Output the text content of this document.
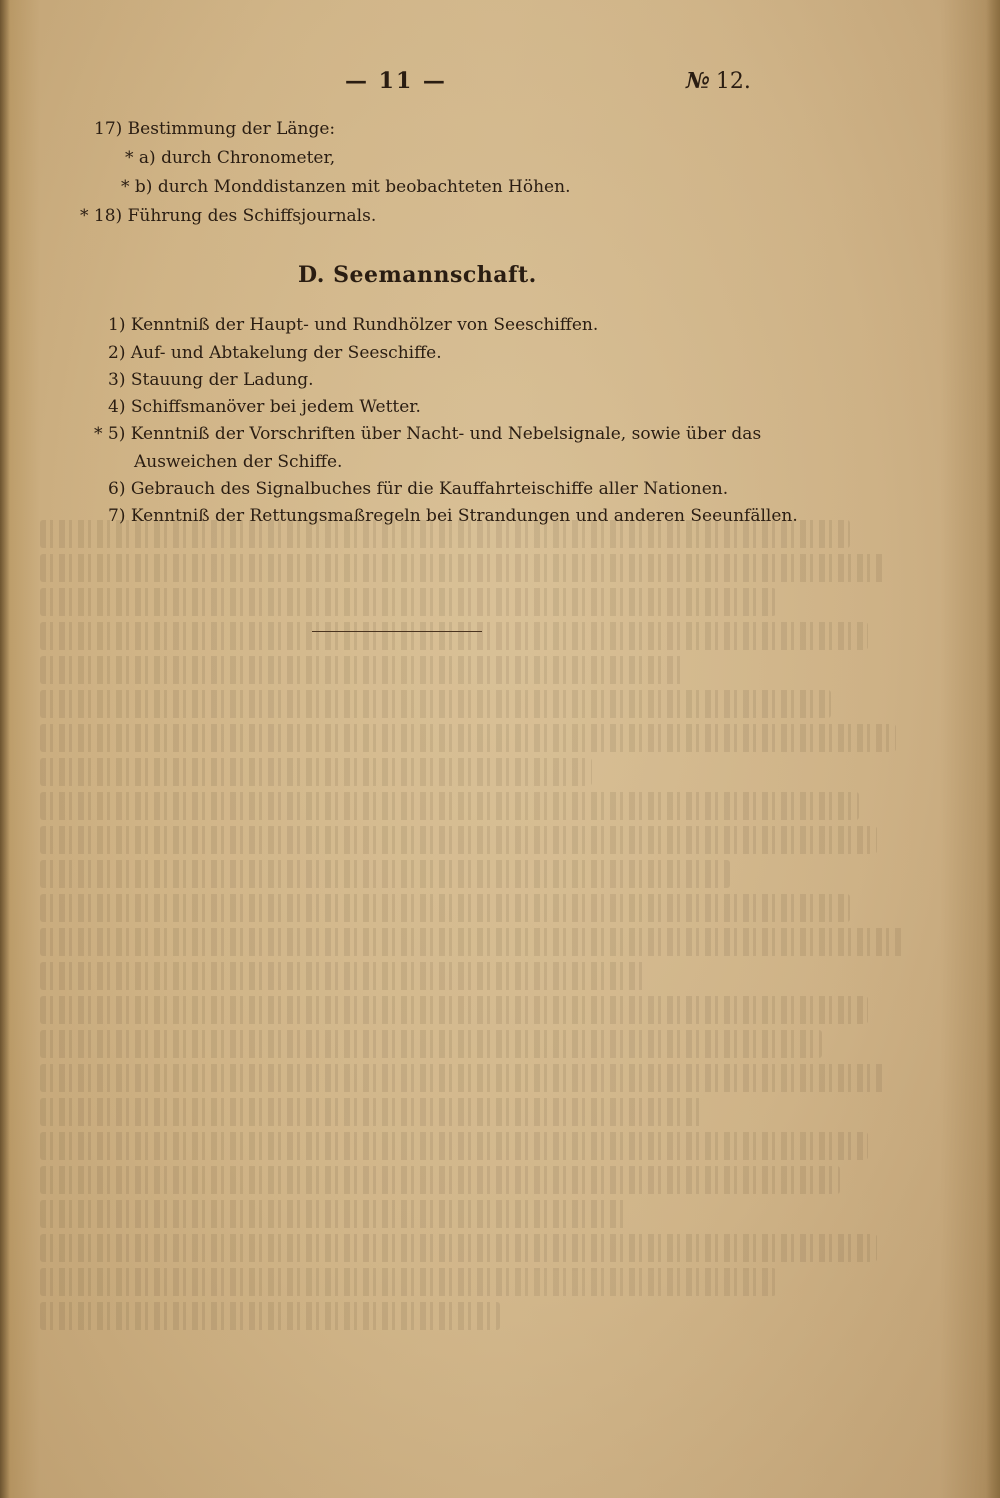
— 11 —	№ 12.
17) Bestimmung der Länge:
* a) durch Chronometer,
* b) durch Monddistanzen mit beobachteten Höhen.
* 18) Führung des Schiffsjournals.
D. Seemannschaft.
1) Kenntniß der Haupt- und Rundhölzer von Seeschiffen.
2) Auf- und Abtakelung der Seeschiffe.
3) Stauung der Ladung.
4) Schiffsmanöver bei jedem Wetter.
* 5) Kenntniß der Vorschriften über Nacht- und Nebelsignale, sowie über das
Ausweichen der Schiffe.
6) Gebrauch des Signalbuches für die Kauffahrteischiffe aller Nationen.
7) Kenntniß der Rettungsmaßregeln bei Strandungen und anderen Seeunfällen.
